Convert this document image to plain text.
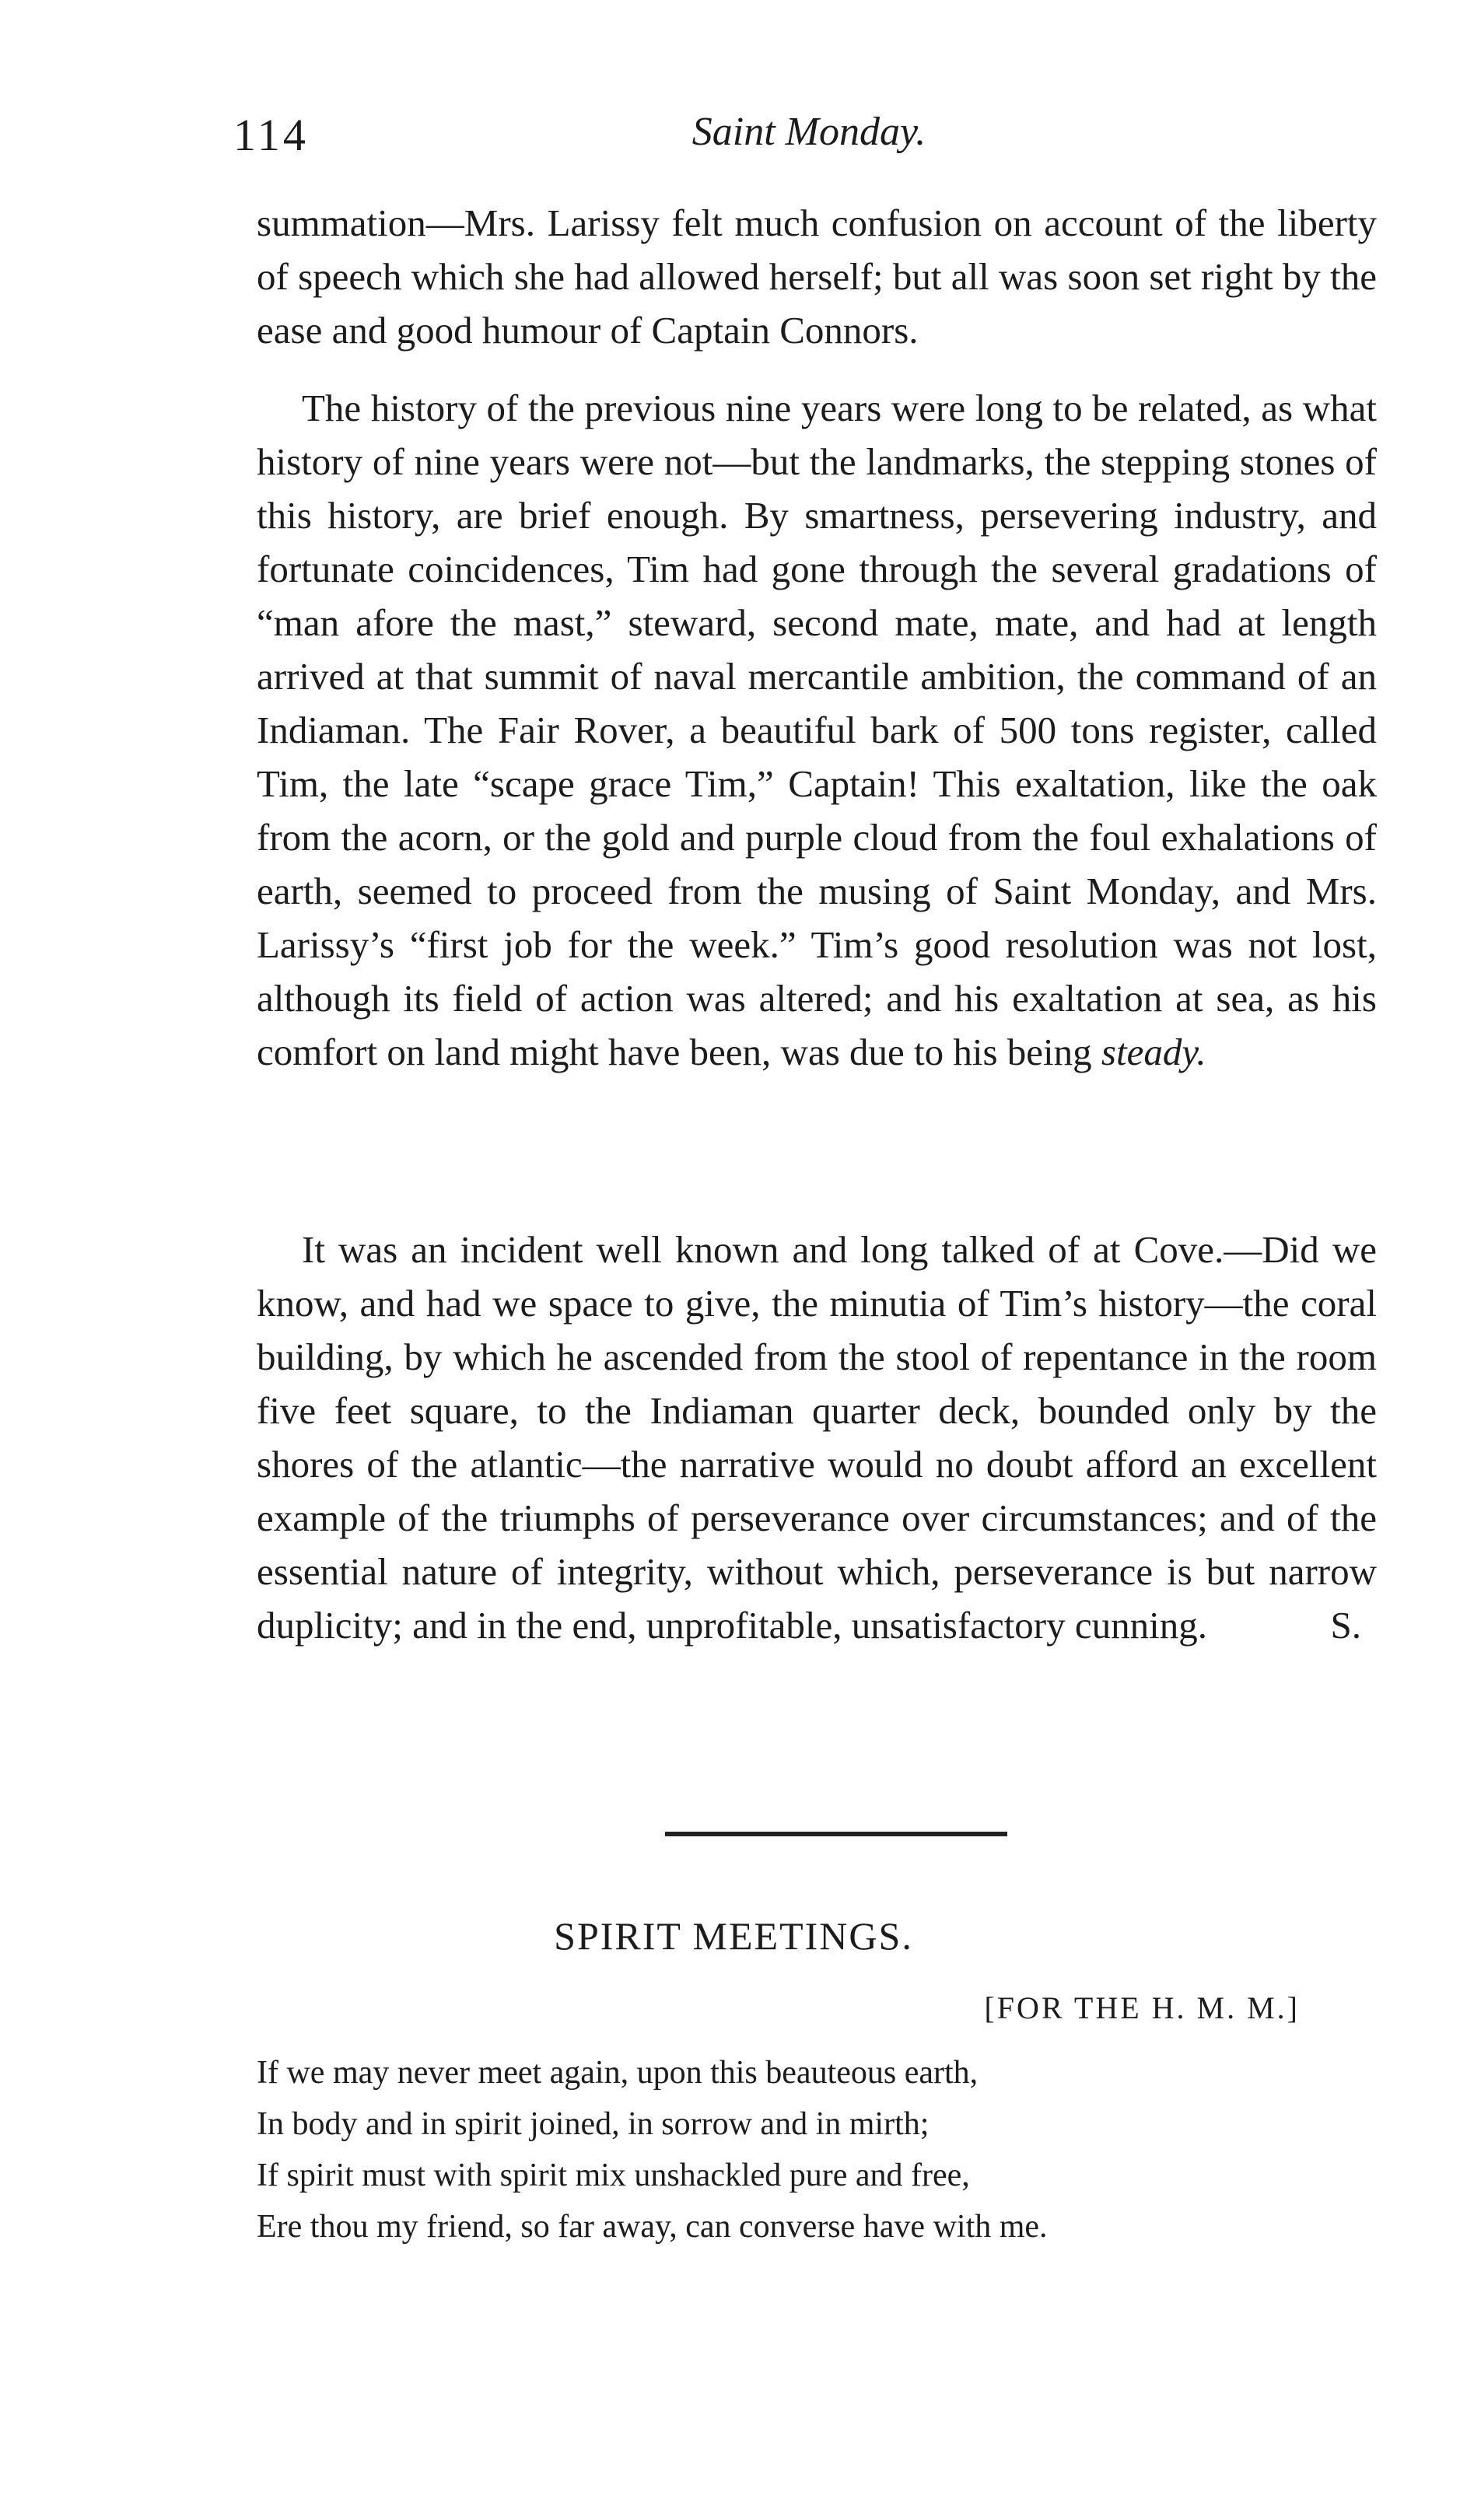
114	Saint Monday.

summation—Mrs. Larissy felt much confusion on account of the liberty of speech which she had allowed herself; but all was soon set right by the ease and good humour of Captain Connors.

The history of the previous nine years were long to be related, as what history of nine years were not—but the landmarks, the stepping stones of this history, are brief enough. By smartness, persevering industry, and fortunate coincidences, Tim had gone through the several gradations of “man afore the mast,” steward, second mate, mate, and had at length arrived at that summit of naval mercantile ambition, the command of an Indiaman. The Fair Rover, a beautiful bark of 500 tons register, called Tim, the late “scape grace Tim,” Captain! This exaltation, like the oak from the acorn, or the gold and purple cloud from the foul exhalations of earth, seemed to proceed from the musing of Saint Monday, and Mrs. Larissy’s “first job for the week.” Tim’s good resolution was not lost, although its field of action was altered; and his exaltation at sea, as his comfort on land might have been, was due to his being steady.

It was an incident well known and long talked of at Cove.—Did we know, and had we space to give, the minutia of Tim’s history—the coral building, by which he ascended from the stool of repentance in the room five feet square, to the Indiaman quarter deck, bounded only by the shores of the atlantic—the narrative would no doubt afford an excellent example of the triumphs of perseverance over circumstances; and of the essential nature of integrity, without which, perseverance is but narrow duplicity; and in the end, unprofitable, unsatisfactory cunning.	S.

SPIRIT MEETINGS.
[FOR THE H. M. M.]
If we may never meet again, upon this beauteous earth,
In body and in spirit joined, in sorrow and in mirth;
If spirit must with spirit mix unshackled pure and free,
Ere thou my friend, so far away, can converse have with me.
